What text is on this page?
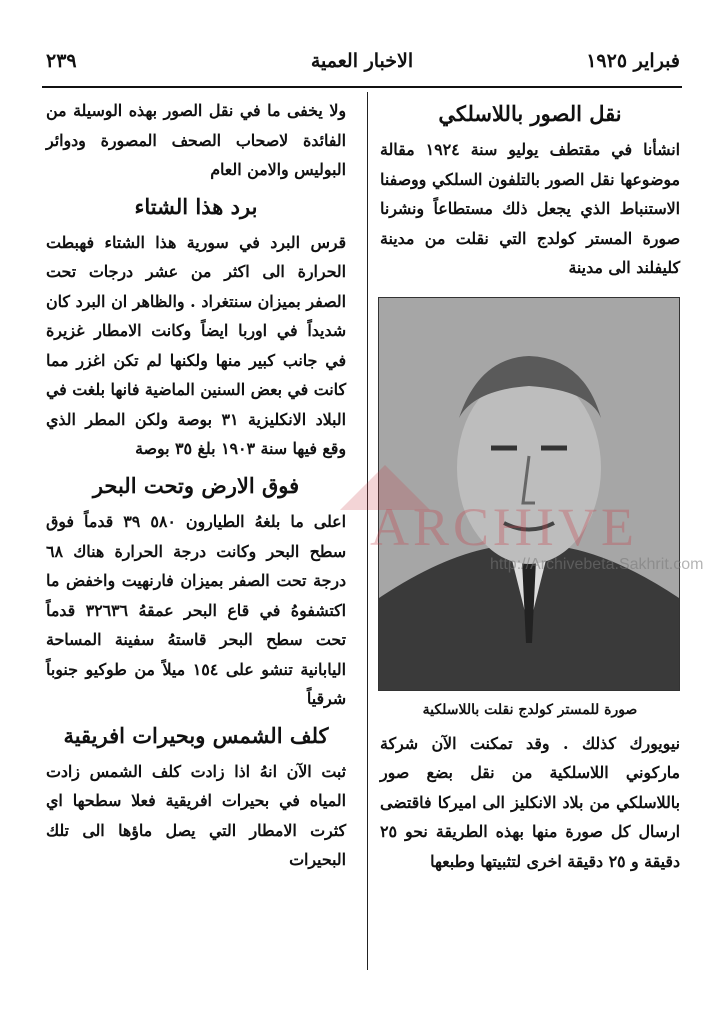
فبراير ١٩٢٥
الاخبار العمية
٢٣٩
نقل الصور باللاسلكي

انشأنا في مقتطف يوليو سنة ١٩٢٤ مقالة موضوعها نقل الصور بالتلفون السلكي ووصفنا الاستنباط الذي يجعل ذلك مستطاعاً ونشرنا صورة المستر كولدج التي نقلت من مدينة كليفلند الى مدينة

صورة للمستر كولدج نقلت باللاسلكية

نيويورك كذلك . وقد تمكنت الآن شركة ماركوني اللاسلكية من نقل بضع صور باللاسلكي من بلاد الانكليز الى اميركا فاقتضى ارسال كل صورة منها بهذه الطريقة نحو ٢٥ دقيقة و ٢٥ دقيقة اخرى لتثبيتها وطبعها

ولا يخفى ما في نقل الصور بهذه الوسيلة من الفائدة لاصحاب الصحف المصورة ودوائر البوليس والامن العام

برد هذا الشتاء

قرس البرد في سورية هذا الشتاء فهبطت الحرارة الى اكثر من عشر درجات تحت الصفر بميزان سنتغراد . والظاهر ان البرد كان شديداً في اوربا ايضاً وكانت الامطار غزيرة في جانب كبير منها ولكنها لم تكن اغزر مما كانت في بعض السنين الماضية فانها بلغت في البلاد الانكليزية ٣١ بوصة ولكن المطر الذي وقع فيها سنة ١٩٠٣ بلغ ٣٥ بوصة

فوق الارض وتحت البحر

اعلى ما بلغهُ الطيارون ٥٨٠ ٣٩ قدماً فوق سطح البحر وكانت درجة الحرارة هناك ٦٨ درجة تحت الصفر بميزان فارنهيت واخفض ما اكتشفوهُ في قاع البحر عمقهُ ٣٢٦٣٦ قدماً تحت سطح البحر قاستهُ سفينة المساحة اليابانية تنشو على ١٥٤ ميلاً من طوكيو جنوباً شرقياً

كلف الشمس وبحيرات افريقية

ثبت الآن انهُ اذا زادت كلف الشمس زادت المياه في بحيرات افريقية فعلا سطحها اي كثرت الامطار التي يصل ماؤها الى تلك البحيرات

ARCHIVE
http://Archivebeta.Sakhrit.com
